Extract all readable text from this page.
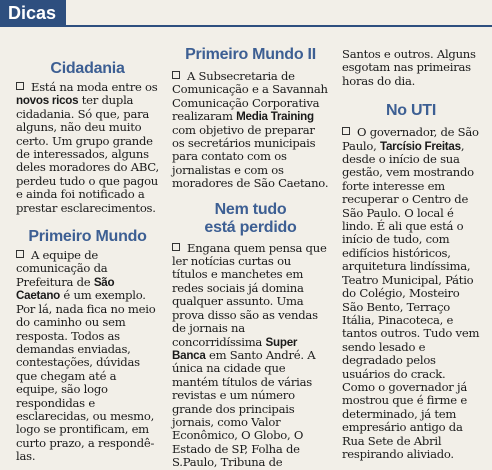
Dicas
Cidadania

Está na moda entre os novos ricos ter dupla cidadania. Só que, para alguns, não deu muito certo. Um grupo grande de interessados, alguns deles moradores do ABC, perdeu tudo o que pagou e ainda foi notificado a prestar esclarecimentos.

Primeiro Mundo

A equipe de comunicação da Prefeitura de São Caetano é um exemplo. Por lá, nada fica no meio do caminho ou sem resposta. Todos as demandas enviadas, contestações, dúvidas que chegam até a equipe, são logo respondidas e esclarecidas, ou mesmo, logo se prontificam, em curto prazo, a respondê-las.

Primeiro Mundo II

A Subsecretaria de Comunicação e a Savannah Comunicação Corporativa realizaram Media Training com objetivo de preparar os secretários municipais para contato com os jornalistas e com os moradores de São Caetano.

Nem tudo
está perdido

Engana quem pensa que ler notícias curtas ou títulos e manchetes em redes sociais já domina qualquer assunto. Uma prova disso são as vendas de jornais na concorridíssima Super Banca em Santo André. A única na cidade que mantém títulos de várias revistas e um número grande dos principais jornais, como Valor Econômico, O Globo, O Estado de SP, Folha de S.Paulo, Tribuna de

Santos e outros. Alguns esgotam nas primeiras horas do dia.

No UTI

O governador, de São Paulo, Tarcísio Freitas, desde o início de sua gestão, vem mostrando forte interesse em recuperar o Centro de São Paulo. O local é lindo. É ali que está o início de tudo, com edifícios históricos, arquitetura lindíssima, Teatro Municipal, Pátio do Colégio, Mosteiro São Bento, Terraço Itália, Pinacoteca, e tantos outros. Tudo vem sendo lesado e degradado pelos usuários do crack. Como o governador já mostrou que é firme e determinado, já tem empresário antigo da Rua Sete de Abril respirando aliviado.
